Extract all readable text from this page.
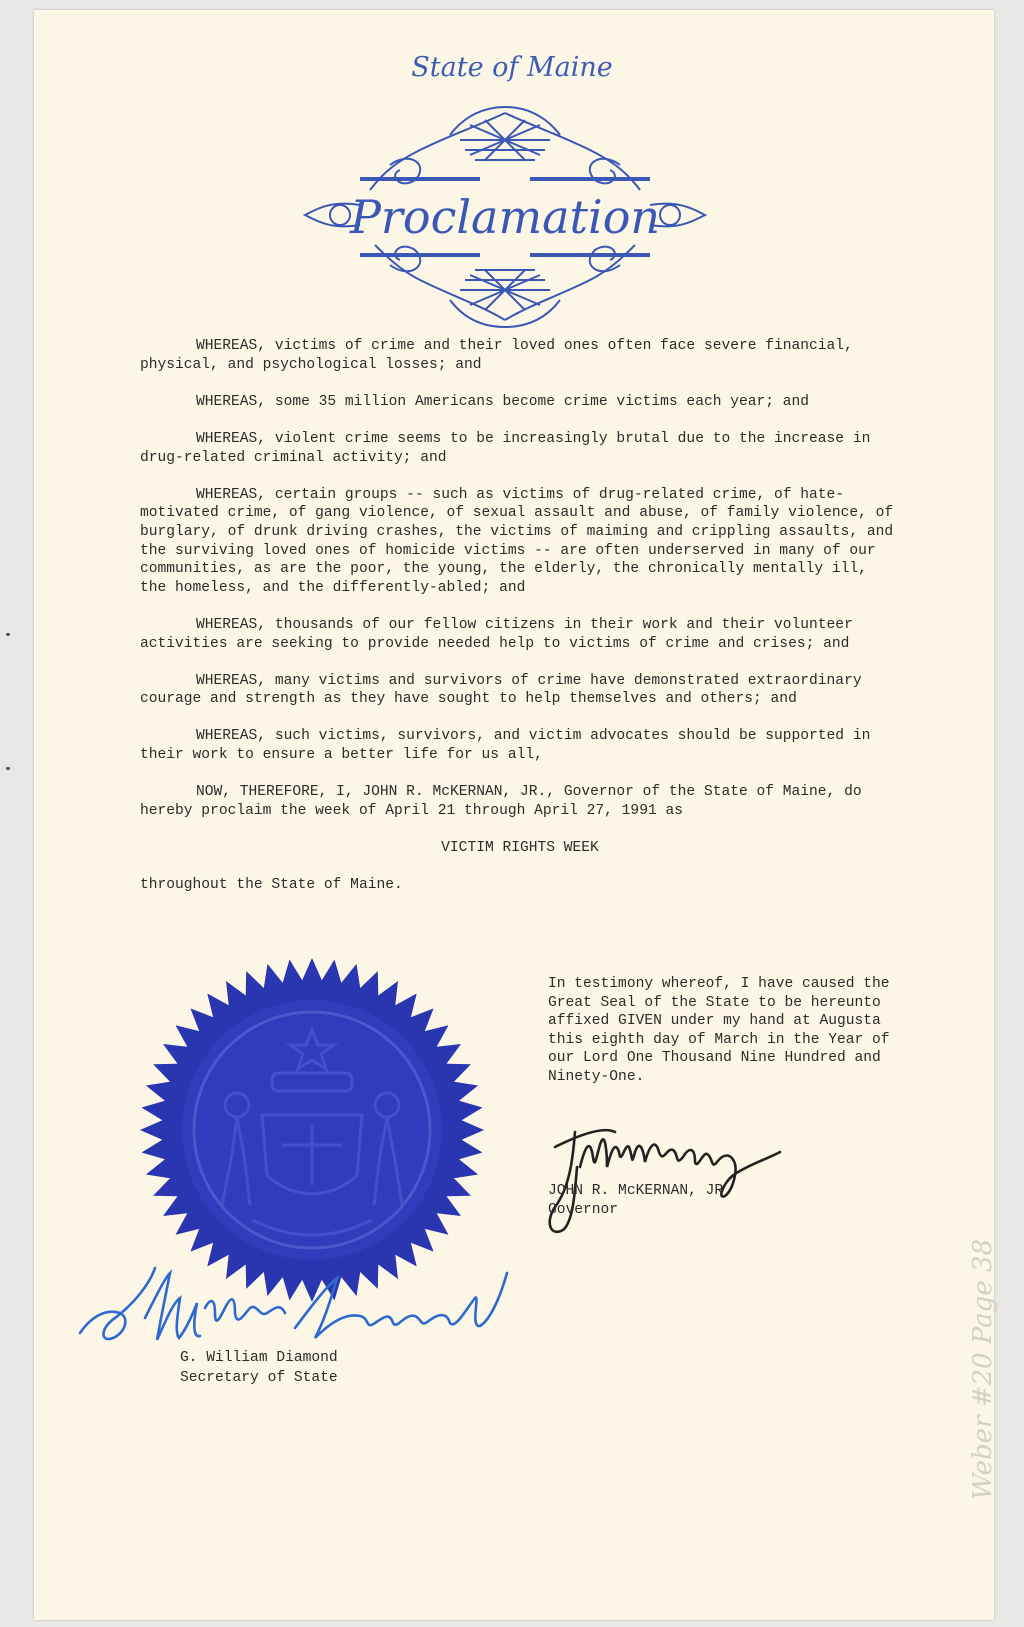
State of Maine
Proclamation

WHEREAS, victims of crime and their loved ones often face severe financial, physical, and psychological losses; and

WHEREAS, some 35 million Americans become crime victims each year; and

WHEREAS, violent crime seems to be increasingly brutal due to the increase in drug-related criminal activity; and

WHEREAS, certain groups -- such as victims of drug-related crime, of hate-motivated crime, of gang violence, of sexual assault and abuse, of family violence, of burglary, of drunk driving crashes, the victims of maiming and crippling assaults, and the surviving loved ones of homicide victims -- are often underserved in many of our communities, as are the poor, the young, the elderly, the chronically mentally ill, the homeless, and the differently-abled; and

WHEREAS, thousands of our fellow citizens in their work and their volunteer activities are seeking to provide needed help to victims of crime and crises; and

WHEREAS, many victims and survivors of crime have demonstrated extraordinary courage and strength as they have sought to help themselves and others; and

WHEREAS, such victims, survivors, and victim advocates should be supported in their work to ensure a better life for us all,

NOW, THEREFORE, I, JOHN R. McKERNAN, JR., Governor of the State of Maine, do hereby proclaim the week of April 21 through April 27, 1991 as

VICTIM RIGHTS WEEK

throughout the State of Maine.

In testimony whereof, I have caused the Great Seal of the State to be hereunto affixed GIVEN under my hand at Augusta this eighth day of March in the Year of our Lord One Thousand Nine Hundred and Ninety-One.
JOHN R. McKERNAN, JR.
Governor
G. William Diamond
Secretary of State	Weber #20 Page 38
